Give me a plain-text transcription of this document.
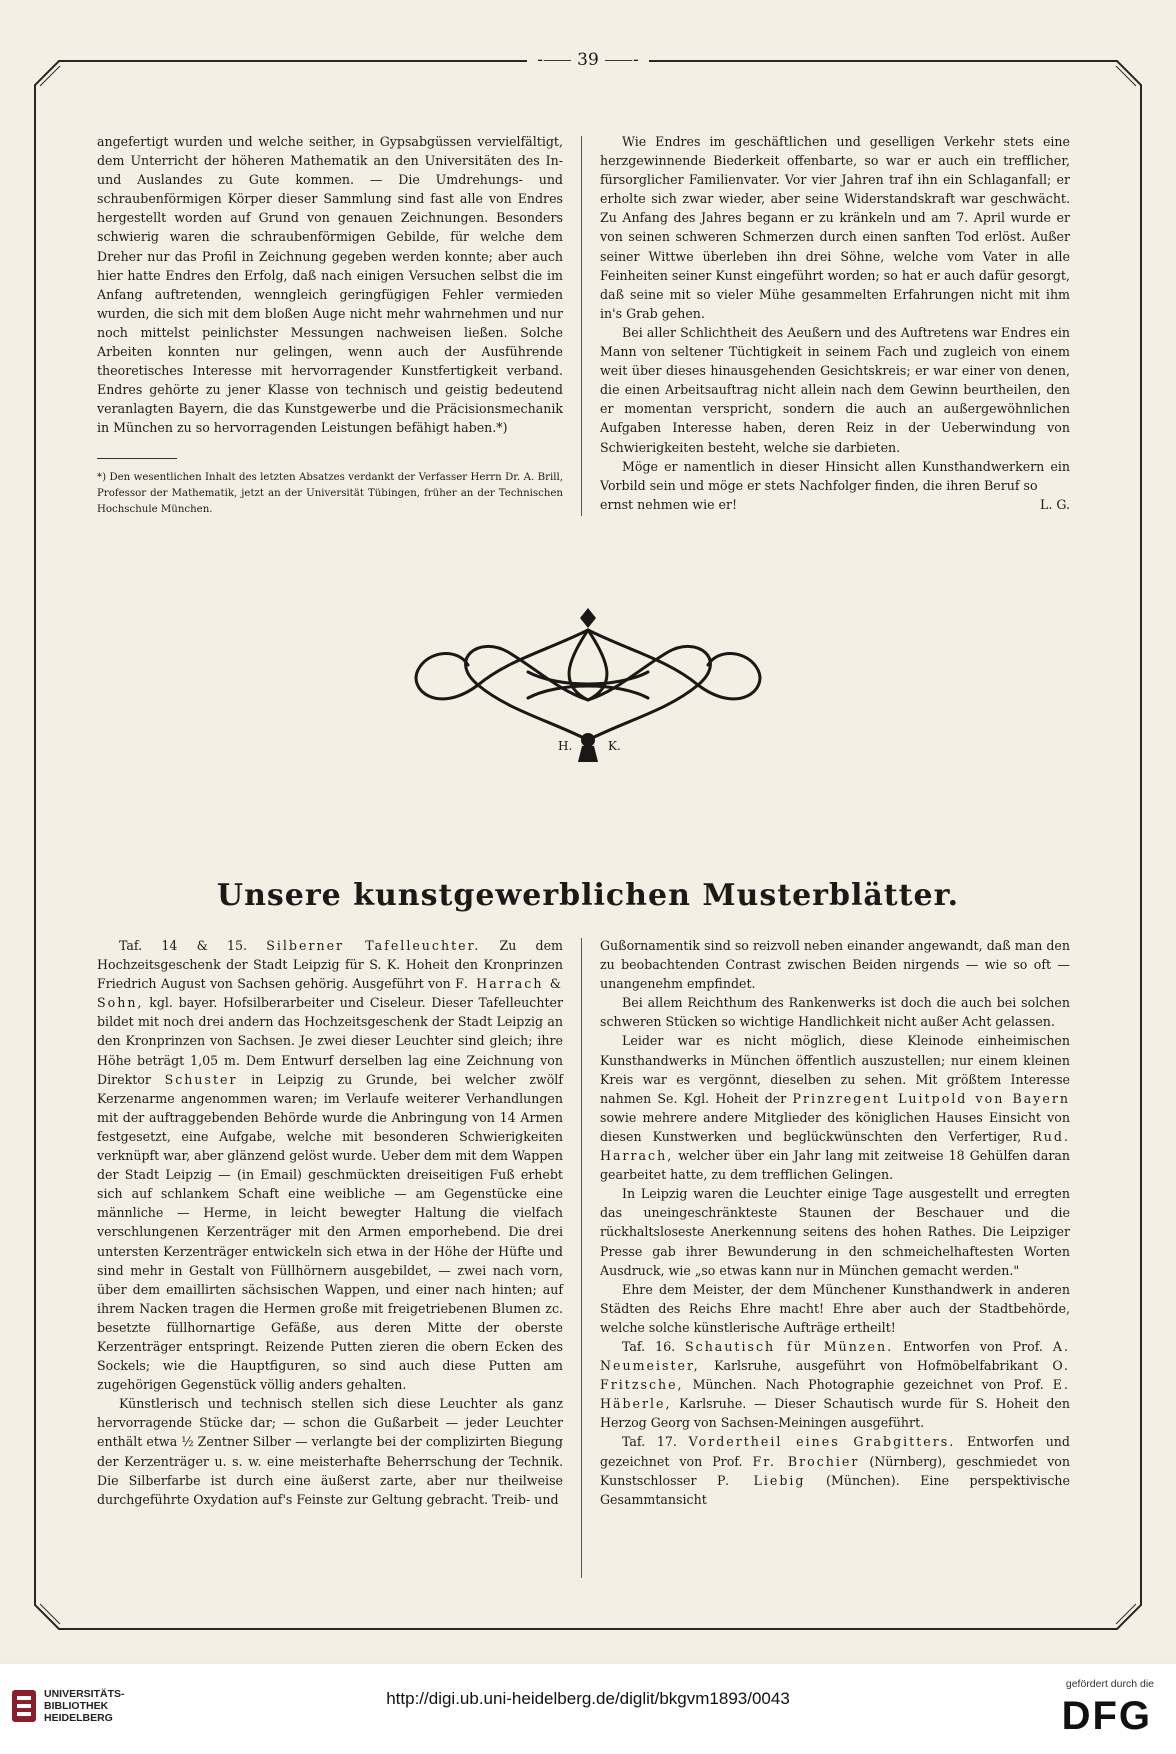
-⸺ 39 ⸺-

angefertigt wurden und welche seither, in Gypsabgüssen vervielfältigt, dem Unterricht der höheren Mathematik an den Universitäten des In- und Auslandes zu Gute kommen. — Die Umdrehungs- und schraubenförmigen Körper dieser Sammlung sind fast alle von Endres hergestellt worden auf Grund von genauen Zeichnungen. Besonders schwierig waren die schraubenförmigen Gebilde, für welche dem Dreher nur das Profil in Zeichnung gegeben werden konnte; aber auch hier hatte Endres den Erfolg, daß nach einigen Versuchen selbst die im Anfang auftretenden, wenngleich geringfügigen Fehler vermieden wurden, die sich mit dem bloßen Auge nicht mehr wahrnehmen und nur noch mittelst peinlichster Messungen nachweisen ließen. Solche Arbeiten konnten nur gelingen, wenn auch der Ausführende theoretisches Interesse mit hervorragender Kunstfertigkeit verband. Endres gehörte zu jener Klasse von technisch und geistig bedeutend veranlagten Bayern, die das Kunstgewerbe und die Präcisionsmechanik in München zu so hervorragenden Leistungen befähigt haben.*)

*) Den wesentlichen Inhalt des letzten Absatzes verdankt der Verfasser Herrn Dr. A. Brill, Professor der Mathematik, jetzt an der Universität Tübingen, früher an der Technischen Hochschule München.

Wie Endres im geschäftlichen und geselligen Verkehr stets eine herzgewinnende Biederkeit offenbarte, so war er auch ein trefflicher, fürsorglicher Familienvater. Vor vier Jahren traf ihn ein Schlaganfall; er erholte sich zwar wieder, aber seine Widerstandskraft war geschwächt. Zu Anfang des Jahres begann er zu kränkeln und am 7. April wurde er von seinen schweren Schmerzen durch einen sanften Tod erlöst. Außer seiner Wittwe überleben ihn drei Söhne, welche vom Vater in alle Feinheiten seiner Kunst eingeführt worden; so hat er auch dafür gesorgt, daß seine mit so vieler Mühe gesammelten Erfahrungen nicht mit ihm in's Grab gehen.

Bei aller Schlichtheit des Aeußern und des Auftretens war Endres ein Mann von seltener Tüchtigkeit in seinem Fach und zugleich von einem weit über dieses hinausgehenden Gesichtskreis; er war einer von denen, die einen Arbeitsauftrag nicht allein nach dem Gewinn beurtheilen, den er momentan verspricht, sondern die auch an außergewöhnlichen Aufgaben Interesse haben, deren Reiz in der Ueberwindung von Schwierigkeiten besteht, welche sie darbieten.

Möge er namentlich in dieser Hinsicht allen Kunsthandwerkern ein Vorbild sein und möge er stets Nachfolger finden, die ihren Beruf so

ernst nehmen wie er!	L. G.
H.	K.
Unsere kunstgewerblichen Musterblätter.

Taf. 14 & 15. Silberner Tafelleuchter. Zu dem Hochzeitsgeschenk der Stadt Leipzig für S. K. Hoheit den Kronprinzen Friedrich August von Sachsen gehörig. Ausgeführt von F. Harrach & Sohn, kgl. bayer. Hofsilberarbeiter und Ciseleur. Dieser Tafelleuchter bildet mit noch drei andern das Hochzeitsgeschenk der Stadt Leipzig an den Kronprinzen von Sachsen. Je zwei dieser Leuchter sind gleich; ihre Höhe beträgt 1,05 m. Dem Entwurf derselben lag eine Zeichnung von Direktor Schuster in Leipzig zu Grunde, bei welcher zwölf Kerzenarme angenommen waren; im Verlaufe weiterer Verhandlungen mit der auftraggebenden Behörde wurde die Anbringung von 14 Armen festgesetzt, eine Aufgabe, welche mit besonderen Schwierigkeiten verknüpft war, aber glänzend gelöst wurde. Ueber dem mit dem Wappen der Stadt Leipzig — (in Email) geschmückten dreiseitigen Fuß erhebt sich auf schlankem Schaft eine weibliche — am Gegenstücke eine männliche — Herme, in leicht bewegter Haltung die vielfach verschlungenen Kerzenträger mit den Armen emporhebend. Die drei untersten Kerzenträger entwickeln sich etwa in der Höhe der Hüfte und sind mehr in Gestalt von Füllhörnern ausgebildet, — zwei nach vorn, über dem emaillirten sächsischen Wappen, und einer nach hinten; auf ihrem Nacken tragen die Hermen große mit freigetriebenen Blumen zc. besetzte füllhornartige Gefäße, aus deren Mitte der oberste Kerzenträger entspringt. Reizende Putten zieren die obern Ecken des Sockels; wie die Hauptfiguren, so sind auch diese Putten am zugehörigen Gegenstück völlig anders gehalten.

Künstlerisch und technisch stellen sich diese Leuchter als ganz hervorragende Stücke dar; — schon die Gußarbeit — jeder Leuchter enthält etwa ½ Zentner Silber — verlangte bei der complizirten Biegung der Kerzenträger u. s. w. eine meisterhafte Beherrschung der Technik. Die Silberfarbe ist durch eine äußerst zarte, aber nur theilweise durchgeführte Oxydation auf's Feinste zur Geltung gebracht. Treib- und

Gußornamentik sind so reizvoll neben einander angewandt, daß man den zu beobachtenden Contrast zwischen Beiden nirgends — wie so oft — unangenehm empfindet.

Bei allem Reichthum des Rankenwerks ist doch die auch bei solchen schweren Stücken so wichtige Handlichkeit nicht außer Acht gelassen.

Leider war es nicht möglich, diese Kleinode einheimischen Kunsthandwerks in München öffentlich auszustellen; nur einem kleinen Kreis war es vergönnt, dieselben zu sehen. Mit größtem Interesse nahmen Se. Kgl. Hoheit der Prinzregent Luitpold von Bayern sowie mehrere andere Mitglieder des königlichen Hauses Einsicht von diesen Kunstwerken und beglückwünschten den Verfertiger, Rud. Harrach, welcher über ein Jahr lang mit zeitweise 18 Gehülfen daran gearbeitet hatte, zu dem trefflichen Gelingen.

In Leipzig waren die Leuchter einige Tage ausgestellt und erregten das uneingeschränkteste Staunen der Beschauer und die rückhaltsloseste Anerkennung seitens des hohen Rathes. Die Leipziger Presse gab ihrer Bewunderung in den schmeichelhaftesten Worten Ausdruck, wie „so etwas kann nur in München gemacht werden."

Ehre dem Meister, der dem Münchener Kunsthandwerk in anderen Städten des Reichs Ehre macht! Ehre aber auch der Stadtbehörde, welche solche künstlerische Aufträge ertheilt!

Taf. 16. Schautisch für Münzen. Entworfen von Prof. A. Neumeister, Karlsruhe, ausgeführt von Hofmöbelfabrikant O. Fritzsche, München. Nach Photographie gezeichnet von Prof. E. Häberle, Karlsruhe. — Dieser Schautisch wurde für S. Hoheit den Herzog Georg von Sachsen-Meiningen ausgeführt.

Taf. 17. Vordertheil eines Grabgitters. Entworfen und gezeichnet von Prof. Fr. Brochier (Nürnberg), geschmiedet von Kunstschlosser P. Liebig (München). Eine perspektivische Gesammtansicht

UNIVERSITÄTS-
BIBLIOTHEK
HEIDELBERG
http://digi.ub.uni-heidelberg.de/diglit/bkgvm1893/0043
gefördert durch die
DFG
